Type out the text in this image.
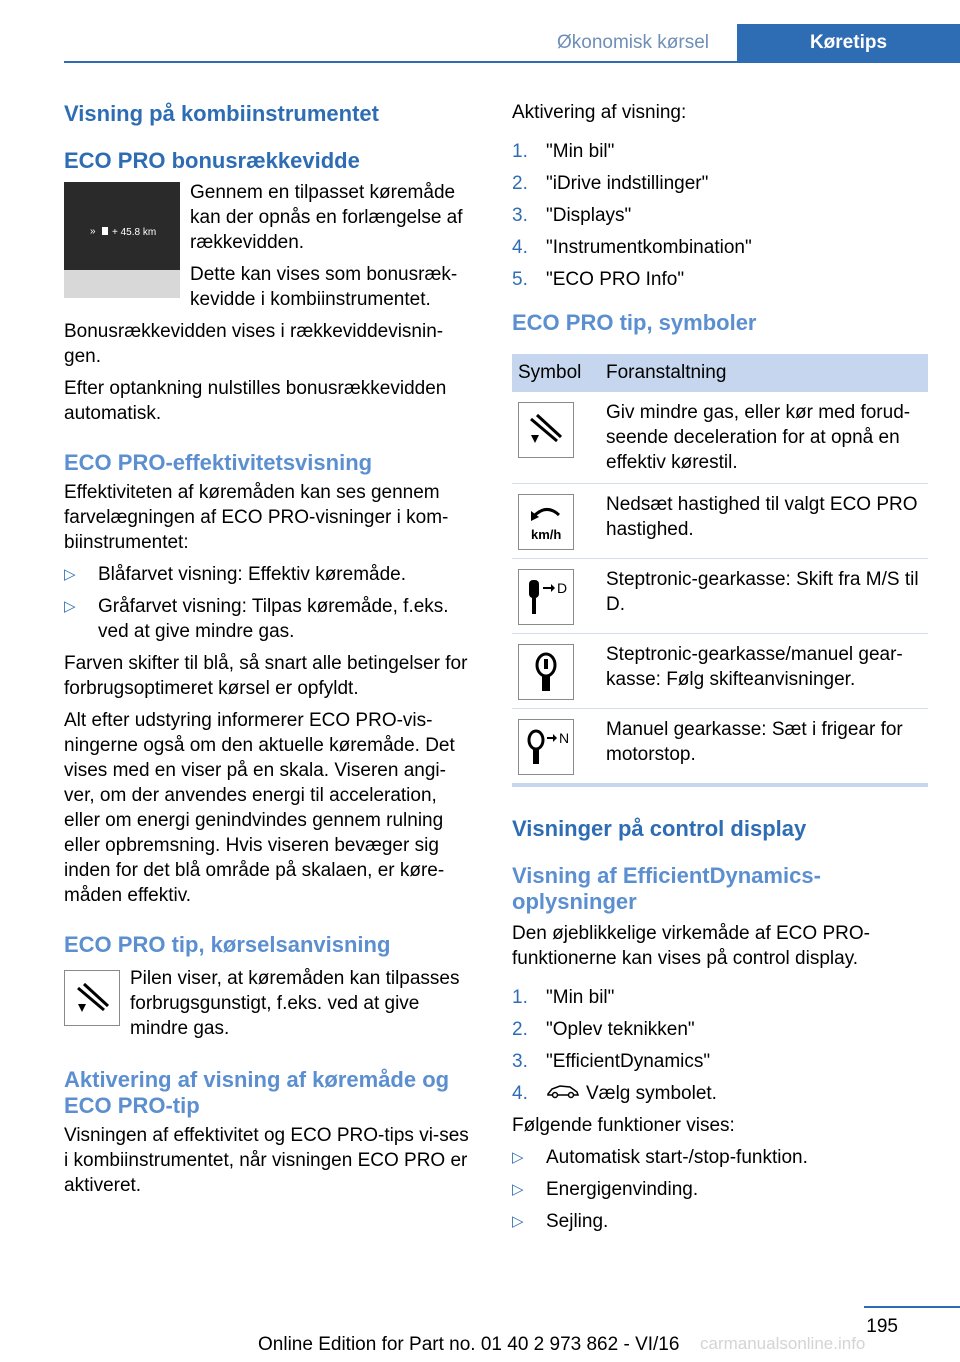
Økonomisk kørsel	Køretips
Visning på kombiinstrumentet
ECO PRO bonusrækkevidde
» + 45.8 km

Gennem en tilpasset køremåde kan der opnås en forlængelse af rækkevidden.

Dette kan vises som bonusræk-kevidde i kombiinstrumentet.

Bonusrækkevidden vises i rækkeviddevisnin-gen.

Efter optankning nulstilles bonusrækkevidden automatisk.

ECO PRO-effektivitetsvisning

Effektiviteten af køremåden kan ses gennem farvelægningen af ECO PRO-visninger i kom-biinstrumentet:

▷ Blåfarvet visning: Effektiv køremåde.
▷ Gråfarvet visning: Tilpas køremåde, f.eks. ved at give mindre gas.

Farven skifter til blå, så snart alle betingelser for forbrugsoptimeret kørsel er opfyldt.

Alt efter udstyring informerer ECO PRO-vis-ningerne også om den aktuelle køremåde. Det vises med en viser på en skala. Viseren angi-ver, om der anvendes energi til acceleration, eller om energi genindvindes gennem rulning eller opbremsning. Hvis viseren bevæger sig inden for det blå område på skalaen, er køre-måden effektiv.

ECO PRO tip, kørselsanvisning

Pilen viser, at køremåden kan tilpasses forbrugsgunstigt, f.eks. ved at give mindre gas.

Aktivering af visning af køremåde og ECO PRO-tip

Visningen af effektivitet og ECO PRO-tips vi-ses i kombiinstrumentet, når visningen ECO PRO er aktiveret.

Aktivering af visning:

1. "Min bil"
2. "iDrive indstillinger"
3. "Displays"
4. "Instrumentkombination"
5. "ECO PRO Info"
ECO PRO tip, symboler
Symbol	Foranstaltning

	Giv mindre gas, eller kør med forud-seende deceleration for at opnå en effektiv kørestil.

km/h	Nedsæt hastighed til valgt ECO PRO hastighed.

D	Steptronic-gearkasse: Skift fra M/S til D.

	Steptronic-gearkasse/manuel gear-kasse: Følg skifteanvisninger.

N	Manuel gearkasse: Sæt i frigear for motorstop.
Visninger på control display
Visning af EfficientDynamics-oplysninger

Den øjeblikkelige virkemåde af ECO PRO-funktionerne kan vises på control display.

1. "Min bil"
2. "Oplev teknikken"
3. "EfficientDynamics"
4.	Vælg symbolet.

Følgende funktioner vises:

▷ Automatisk start-/stop-funktion.
▷ Energigenvinding.
▷ Sejling.
195
Online Edition for Part no. 01 40 2 973 862 - VI/16 carmanualsonline.info
